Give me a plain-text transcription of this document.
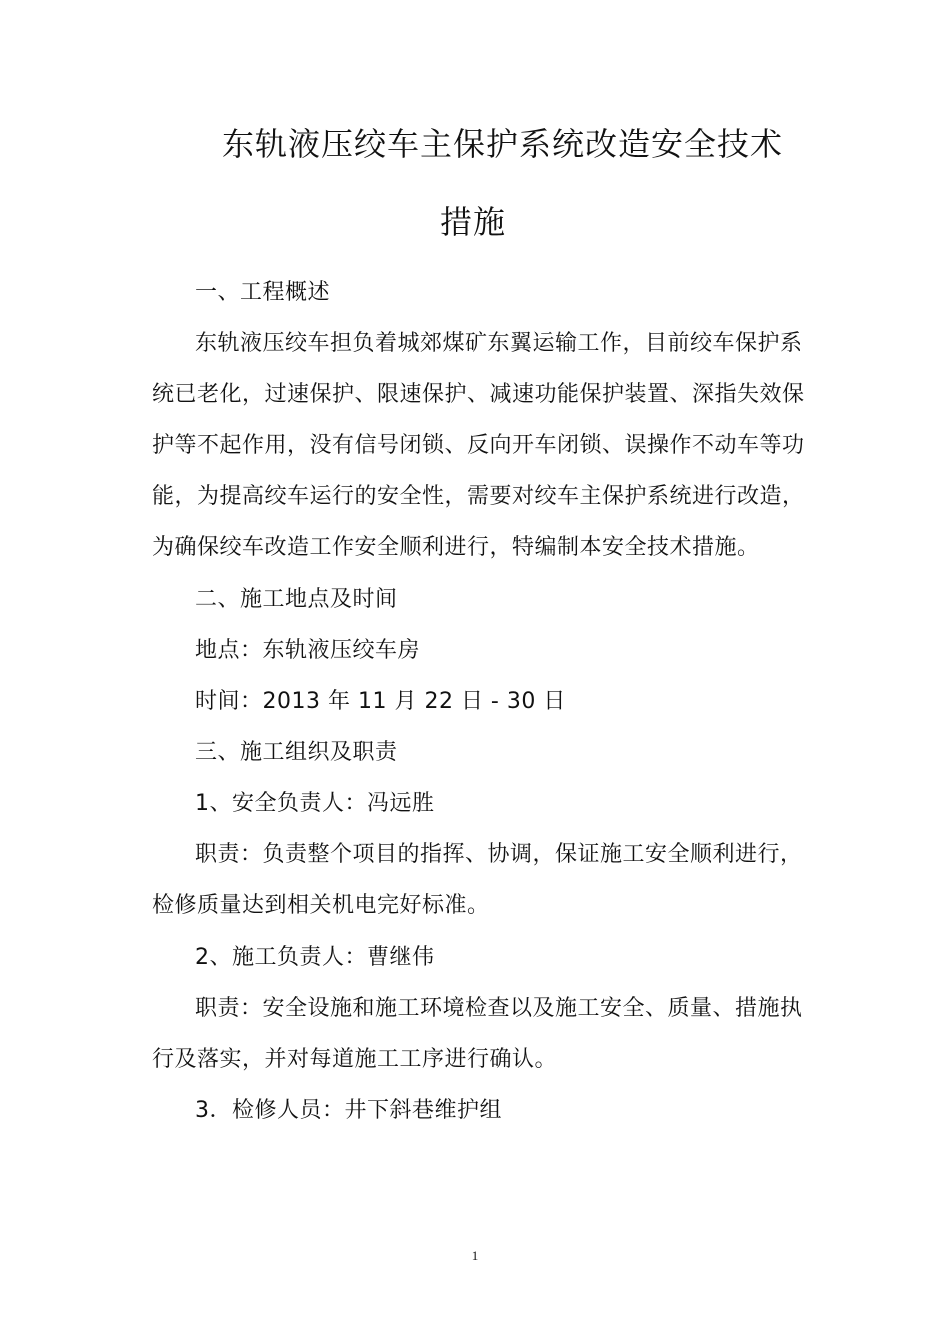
东轨液压绞车主保护系统改造安全技术
措施
一、工程概述
东轨液压绞车担负着城郊煤矿东翼运输工作，目前绞车保护系
统已老化，过速保护、限速保护、减速功能保护装置、深指失效保
护等不起作用，没有信号闭锁、反向开车闭锁、误操作不动车等功
能，为提高绞车运行的安全性，需要对绞车主保护系统进行改造，
为确保绞车改造工作安全顺利进行，特编制本安全技术措施。
二、施工地点及时间
地点：东轨液压绞车房
时间：2013 年 11 月 22 日 - 30 日
三、施工组织及职责
1、安全负责人：冯远胜
职责：负责整个项目的指挥、协调，保证施工安全顺利进行，
检修质量达到相关机电完好标准。
2、施工负责人：曹继伟
职责：安全设施和施工环境检查以及施工安全、质量、措施执
行及落实，并对每道施工工序进行确认。
3．检修人员：井下斜巷维护组
1
